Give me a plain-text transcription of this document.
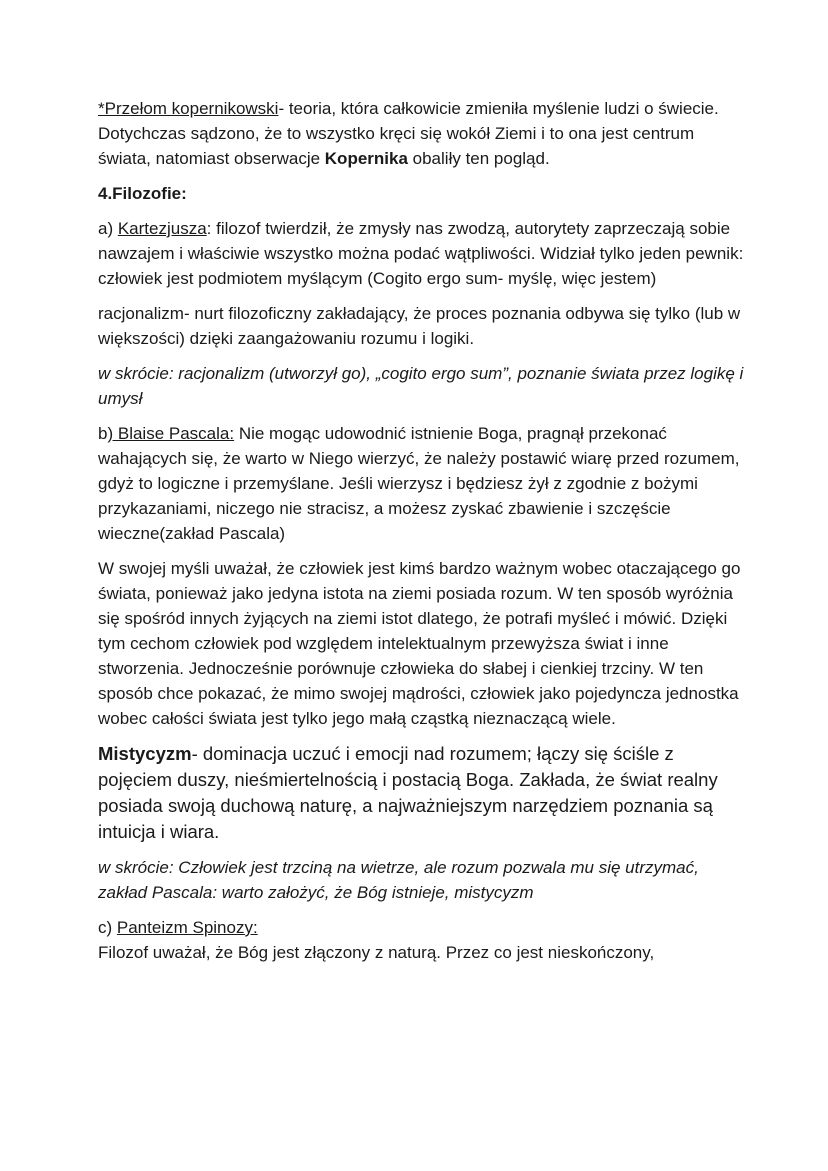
*Przełom kopernikowski- teoria, która całkowicie zmieniła myślenie ludzi o świecie. Dotychczas sądzono, że to wszystko kręci się wokół Ziemi i to ona jest centrum świata, natomiast obserwacje Kopernika obaliły ten pogląd.

4.Filozofie:

a) Kartezjusza: filozof twierdził, że zmysły nas zwodzą, autorytety zaprzeczają sobie nawzajem i właściwie wszystko można podać wątpliwości. Widział tylko jeden pewnik: człowiek jest podmiotem myślącym (Cogito ergo sum- myślę, więc jestem)

racjonalizm- nurt filozoficzny zakładający, że proces poznania odbywa się tylko (lub w większości) dzięki zaangażowaniu rozumu i logiki.

w skrócie: racjonalizm (utworzył go), „cogito ergo sum”, poznanie świata przez logikę i umysł

b) Blaise Pascala: Nie mogąc udowodnić istnienie Boga, pragnął przekonać wahających się, że warto w Niego wierzyć, że należy postawić wiarę przed rozumem, gdyż to logiczne i przemyślane. Jeśli wierzysz i będziesz żył z zgodnie z bożymi przykazaniami, niczego nie stracisz, a możesz zyskać zbawienie i szczęście wieczne(zakład Pascala)

W swojej myśli uważał, że człowiek jest kimś bardzo ważnym wobec otaczającego go świata, ponieważ jako jedyna istota na ziemi posiada rozum. W ten sposób wyróżnia się spośród innych żyjących na ziemi istot dlatego, że potrafi myśleć i mówić. Dzięki tym cechom człowiek pod względem intelektualnym przewyższa świat i inne stworzenia. Jednocześnie porównuje człowieka do słabej i cienkiej trzciny. W ten sposób chce pokazać, że mimo swojej mądrości, człowiek jako pojedyncza jednostka wobec całości świata jest tylko jego małą cząstką nieznaczącą wiele.

Mistycyzm- dominacja uczuć i emocji nad rozumem; łączy się ściśle z pojęciem duszy, nieśmiertelnością i postacią Boga. Zakłada, że świat realny posiada swoją duchową naturę, a najważniejszym narzędziem poznania są intuicja i wiara.

w skrócie: Człowiek jest trzciną na wietrze, ale rozum pozwala mu się utrzymać, zakład Pascala: warto założyć, że Bóg istnieje, mistycyzm

c) Panteizm Spinozy:

Filozof uważał, że Bóg jest złączony z naturą. Przez co jest nieskończony,
